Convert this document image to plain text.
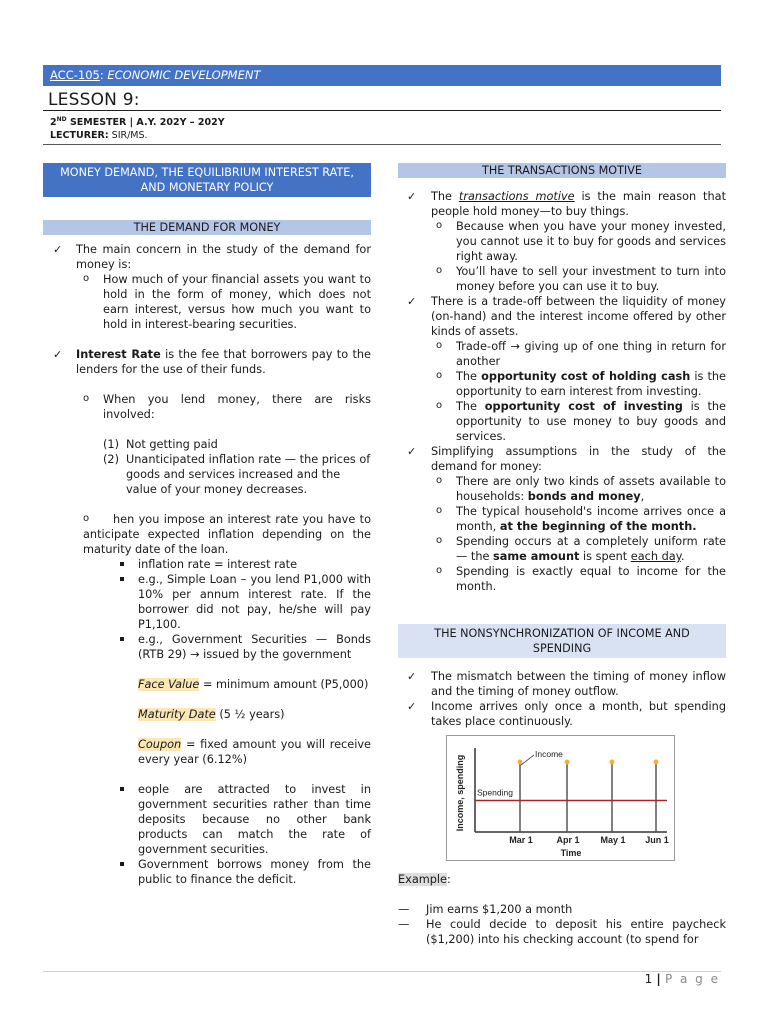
ACC-105: ECONOMIC DEVELOPMENT
LESSON 9:
2ND SEMESTER | A.Y. 202Y – 202Y
LECTURER: SIR/MS.
MONEY DEMAND, THE EQUILIBRIUM INTEREST RATE, AND MONETARY POLICY
THE DEMAND FOR MONEY
✓ The main concern in the study of the demand for money is:
o How much of your financial assets you want to hold in the form of money, which does not earn interest, versus how much you want to hold in interest-bearing securities.
✓ Interest Rate is the fee that borrowers pay to the lenders for the use of their funds.
o When you lend money, there are risks involved:
(1) Not getting paid
(2) Unanticipated inflation rate — the prices of goods and services increased and the value of your money decreases.
o hen you impose an interest rate you have to anticipate expected inflation depending on the maturity date of the loan.
inflation rate = interest rate
e.g., Simple Loan – you lend P1,000 with 10% per annum interest rate. If the borrower did not pay, he/she will pay P1,100.
e.g., Government Securities — Bonds (RTB 29) → issued by the government
Face Value = minimum amount (P5,000)
Maturity Date (5 ½ years)
Coupon = fixed amount you will receive every year (6.12%)
eople are attracted to invest in government securities rather than time deposits because no other bank products can match the rate of government securities.
Government borrows money from the public to finance the deficit.
THE TRANSACTIONS MOTIVE
✓ The transactions motive is the main reason that people hold money—to buy things.
o Because when you have your money invested, you cannot use it to buy for goods and services right away.
o You’ll have to sell your investment to turn into money before you can use it to buy.
✓ There is a trade-off between the liquidity of money (on-hand) and the interest income offered by other kinds of assets.
o Trade-off → giving up of one thing in return for another
o The opportunity cost of holding cash is the opportunity to earn interest from investing.
o The opportunity cost of investing is the opportunity to use money to buy goods and services.
✓ Simplifying assumptions in the study of the demand for money:
o There are only two kinds of assets available to households: bonds and money,
o The typical household's income arrives once a month, at the beginning of the month.
o Spending occurs at a completely uniform rate— the same amount is spent each day.
o Spending is exactly equal to income for the month.
THE NONSYNCHRONIZATION OF INCOME AND SPENDING
✓ The mismatch between the timing of money inflow and the timing of money outflow.
✓ Income arrives only once a month, but spending takes place continuously.
Income, spending
Time
Mar 1	Apr 1 May 1 Jun 1
Spending
Income
Example:
— Jim earns $1,200 a month
— He could decide to deposit his entire paycheck ($1,200) into his checking account (to spend for
1 | P a g e
